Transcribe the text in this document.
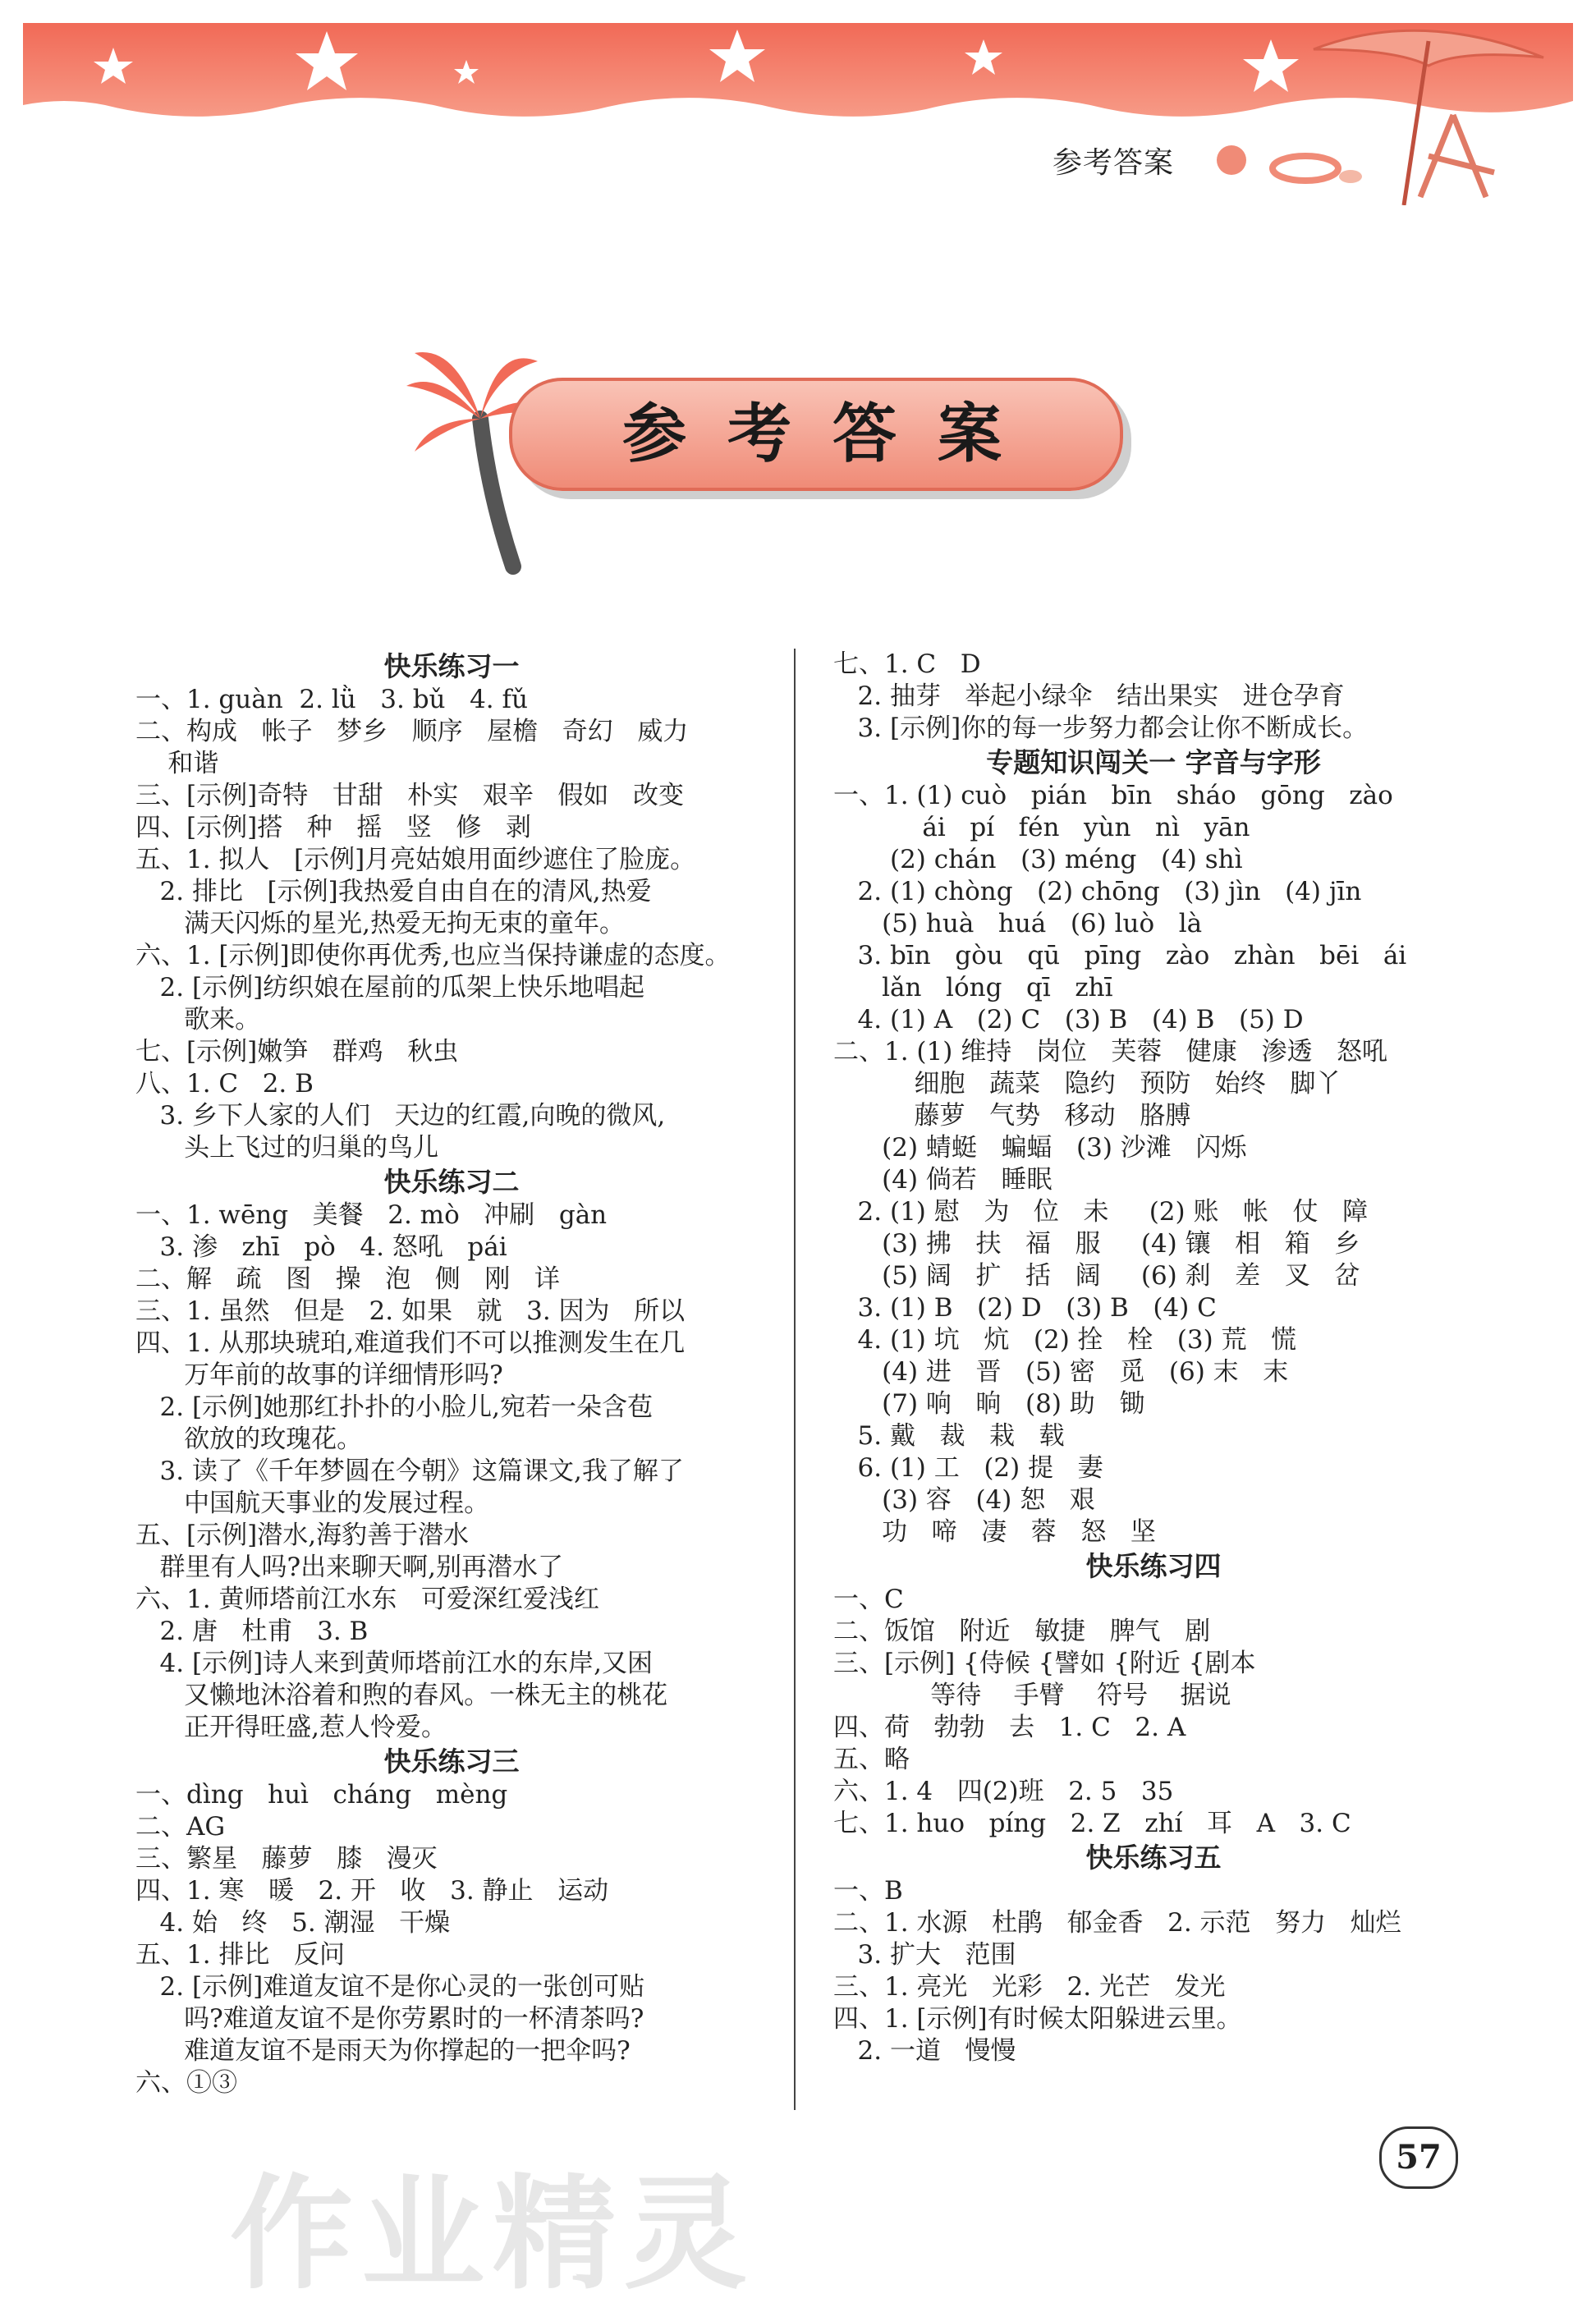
参考答案
参考答案
快乐练习一
一、1. guàn  2. lǜ   3. bǔ   4. fǔ
二、构成   帐子   梦乡   顺序   屋檐   奇幻   威力
和谐
三、[示例]奇特   甘甜   朴实   艰辛   假如   改变
四、[示例]搭   种   摇   竖   修   剥
五、1. 拟人   [示例]月亮姑娘用面纱遮住了脸庞。
2. 排比   [示例]我热爱自由自在的清风,热爱
满天闪烁的星光,热爱无拘无束的童年。
六、1. [示例]即使你再优秀,也应当保持谦虚的态度。
2. [示例]纺织娘在屋前的瓜架上快乐地唱起
歌来。
七、[示例]嫩笋   群鸡   秋虫
八、1. C   2. B
3. 乡下人家的人们   天边的红霞,向晚的微风,
头上飞过的归巢的鸟儿
快乐练习二
一、1. wēng   美餐   2. mò   冲刷   gàn
3. 渗   zhī   pò   4. 怒吼   pái
二、解   疏   图   操   泡   侧   刚   详
三、1. 虽然   但是   2. 如果   就   3. 因为   所以
四、1. 从那块琥珀,难道我们不可以推测发生在几
万年前的故事的详细情形吗?
2. [示例]她那红扑扑的小脸儿,宛若一朵含苞
欲放的玫瑰花。
3. 读了《千年梦圆在今朝》这篇课文,我了解了
中国航天事业的发展过程。
五、[示例]潜水,海豹善于潜水
群里有人吗?出来聊天啊,别再潜水了
六、1. 黄师塔前江水东   可爱深红爱浅红
2. 唐   杜甫   3. B
4. [示例]诗人来到黄师塔前江水的东岸,又困
又懒地沐浴着和煦的春风。一株无主的桃花
正开得旺盛,惹人怜爱。
快乐练习三
一、dìng   huì   cháng   mèng
二、AG
三、繁星   藤萝   膝   漫灭
四、1. 寒   暖   2. 开   收   3. 静止   运动
4. 始   终   5. 潮湿   干燥
五、1. 排比   反问
2. [示例]难道友谊不是你心灵的一张创可贴
吗?难道友谊不是你劳累时的一杯清茶吗?
难道友谊不是雨天为你撑起的一把伞吗?
六、①③
七、1. C   D
2. 抽芽   举起小绿伞   结出果实   进仓孕育
3. [示例]你的每一步努力都会让你不断成长。
专题知识闯关一 字音与字形
一、1. (1) cuò   pián   bīn   sháo   gōng   zào
ái   pí   fén   yùn   nì   yān
(2) chán   (3) méng   (4) shì
2. (1) chòng   (2) chōng   (3) jìn   (4) jīn
(5) huà   huá   (6) luò   là
3. bīn   gòu   qū   pīng   zào   zhàn   bēi   ái
lǎn   lóng   qī   zhī
4. (1) A   (2) C   (3) B   (4) B   (5) D
二、1. (1) 维持   岗位   芙蓉   健康   渗透   怒吼
细胞   蔬菜   隐约   预防   始终   脚丫
藤萝   气势   移动   胳膊
(2) 蜻蜓   蝙蝠   (3) 沙滩   闪烁
(4) 倘若   睡眠
2. (1) 慰   为   位   未     (2) 账   帐   仗   障
(3) 拂   扶   福   服     (4) 镶   相   箱   乡
(5) 阔   扩   括   阔     (6) 刹   差   叉   岔
3. (1) B   (2) D   (3) B   (4) C
4. (1) 坑   炕   (2) 拴   栓   (3) 荒   慌
(4) 进   晋   (5) 密   觅   (6) 末   末
(7) 响   晌   (8) 助   锄
5. 戴   裁   栽   载
6. (1) 工   (2) 提   妻
(3) 容   (4) 恕   艰
功   啼   凄   蓉   怒   坚
快乐练习四
一、C
二、饭馆   附近   敏捷   脾气   剧
三、[示例] {侍候 {譬如 {附近 {剧本
等待    手臂    符号    据说
四、荷   勃勃   去   1. C   2. A
五、略
六、1. 4   四(2)班   2. 5   35
七、1. huo   píng   2. Z   zhí   耳   A   3. C
快乐练习五
一、B
二、1. 水源   杜鹃   郁金香   2. 示范   努力   灿烂
3. 扩大   范围
三、1. 亮光   光彩   2. 光芒   发光
四、1. [示例]有时候太阳躲进云里。
2. 一道   慢慢
57
作业精灵
